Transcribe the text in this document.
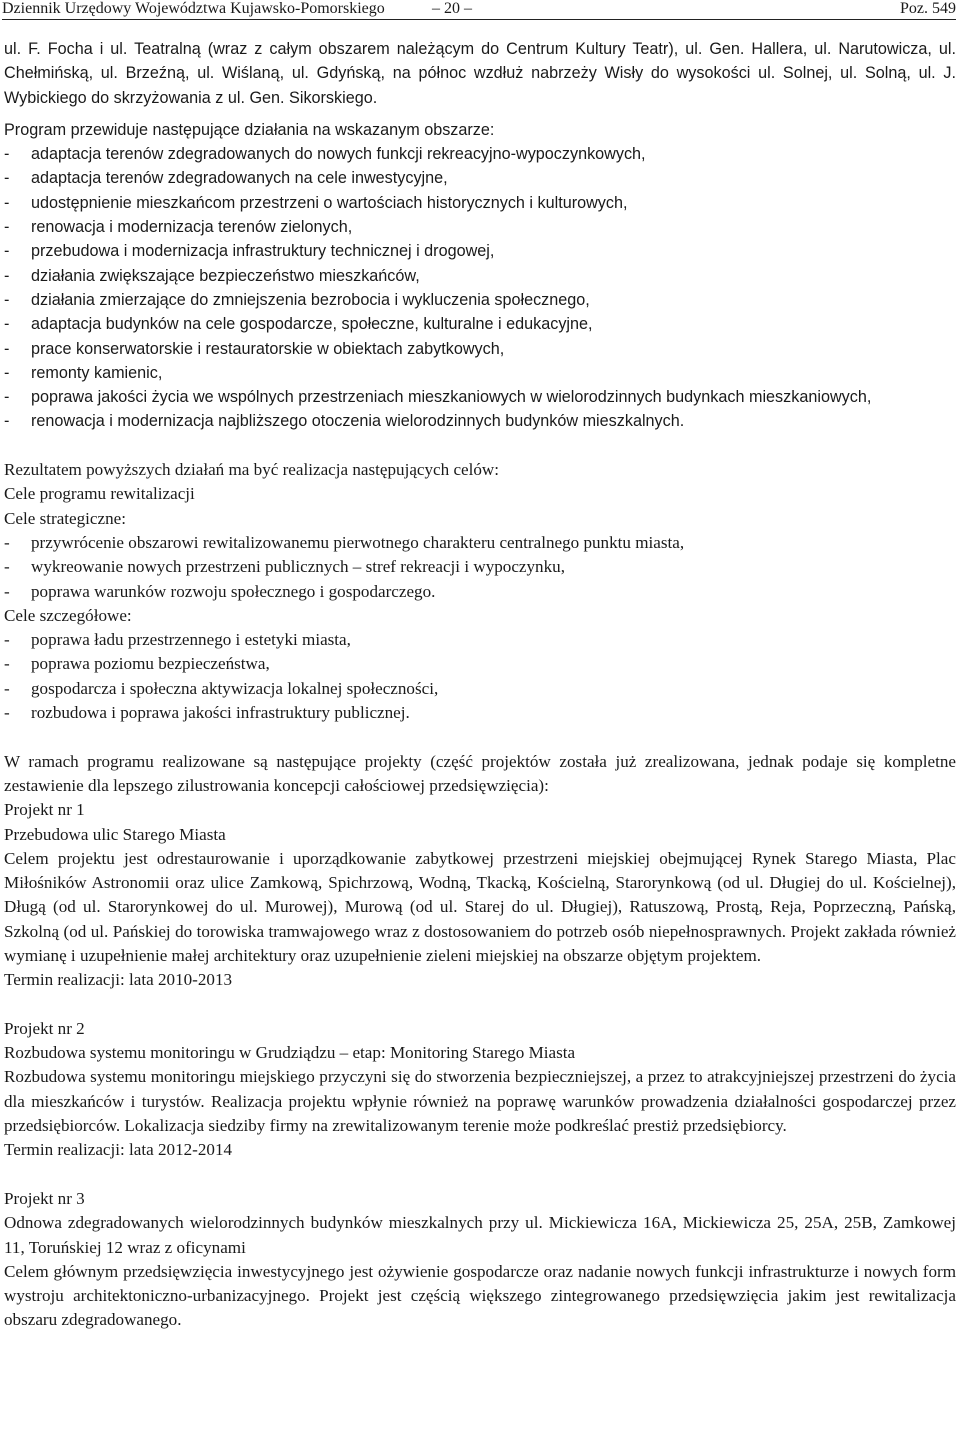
Dziennik Urzędowy Województwa Kujawsko-Pomorskiego	– 20 –	Poz. 549

ul. F. Focha i ul. Teatralną (wraz z całym obszarem należącym do Centrum Kultury Teatr), ul. Gen. Hallera, ul. Narutowicza, ul. Chełmińską, ul. Brzeźną, ul. Wiślaną, ul. Gdyńską, na północ wzdłuż nabrzeży Wisły do wysokości ul. Solnej, ul. Solną, ul. J. Wybickiego do skrzyżowania z ul. Gen. Sikorskiego.

Program przewiduje następujące działania na wskazanym obszarze:

- adaptacja terenów zdegradowanych do nowych funkcji rekreacyjno-wypoczynkowych,
- adaptacja terenów zdegradowanych na cele inwestycyjne,
- udostępnienie mieszkańcom przestrzeni o wartościach historycznych i kulturowych,
- renowacja i modernizacja terenów zielonych,
- przebudowa i modernizacja infrastruktury technicznej i drogowej,
- działania zwiększające bezpieczeństwo mieszkańców,
- działania zmierzające do zmniejszenia bezrobocia i wykluczenia społecznego,
- adaptacja budynków na cele gospodarcze, społeczne, kulturalne i edukacyjne,
- prace konserwatorskie i restauratorskie w obiektach zabytkowych,
- remonty kamienic,
- poprawa jakości życia we wspólnych przestrzeniach mieszkaniowych w wielorodzinnych budynkach mieszkaniowych,
- renowacja i modernizacja najbliższego otoczenia wielorodzinnych budynków mieszkalnych.

Rezultatem powyższych działań ma być realizacja następujących celów:

Cele programu rewitalizacji

Cele strategiczne:

- przywrócenie obszarowi rewitalizowanemu pierwotnego charakteru centralnego punktu miasta,
- wykreowanie nowych przestrzeni publicznych – stref rekreacji i wypoczynku,
- poprawa warunków rozwoju społecznego i gospodarczego.

Cele szczegółowe:

- poprawa ładu przestrzennego i estetyki miasta,
- poprawa poziomu bezpieczeństwa,
- gospodarcza i społeczna aktywizacja lokalnej społeczności,
- rozbudowa i poprawa jakości infrastruktury publicznej.

W ramach programu realizowane są następujące projekty (część projektów została już zrealizowana, jednak podaje się kompletne zestawienie dla lepszego zilustrowania koncepcji całościowej przedsięwzięcia):

Projekt nr 1

Przebudowa ulic Starego Miasta

Celem projektu jest odrestaurowanie i uporządkowanie zabytkowej przestrzeni miejskiej obejmującej Rynek Starego Miasta, Plac Miłośników Astronomii oraz ulice Zamkową, Spichrzową, Wodną, Tkacką, Kościelną, Starorynkową (od ul. Długiej do ul. Kościelnej), Długą (od ul. Starorynkowej do ul. Murowej), Murową (od ul. Starej do ul. Długiej), Ratuszową, Prostą, Reja, Poprzeczną, Pańską, Szkolną (od ul. Pańskiej do torowiska tramwajowego wraz z dostosowaniem do potrzeb osób niepełnosprawnych. Projekt zakłada również wymianę i uzupełnienie małej architektury oraz uzupełnienie zieleni miejskiej na obszarze objętym projektem.

Termin realizacji: lata 2010-2013

Projekt nr 2

Rozbudowa systemu monitoringu w Grudziądzu – etap: Monitoring Starego Miasta

Rozbudowa systemu monitoringu miejskiego przyczyni się do stworzenia bezpieczniejszej, a przez to atrakcyjniejszej przestrzeni do życia dla mieszkańców i turystów. Realizacja projektu wpłynie również na poprawę warunków prowadzenia działalności gospodarczej przez przedsiębiorców. Lokalizacja siedziby firmy na zrewitalizowanym terenie może podkreślać prestiż przedsiębiorcy.

Termin realizacji: lata 2012-2014

Projekt nr 3

Odnowa zdegradowanych wielorodzinnych budynków mieszkalnych przy ul. Mickiewicza 16A, Mickiewicza 25, 25A, 25B, Zamkowej 11, Toruńskiej 12 wraz z oficynami

Celem głównym przedsięwzięcia inwestycyjnego jest ożywienie gospodarcze oraz nadanie nowych funkcji infrastrukturze i nowych form wystroju architektoniczno-urbanizacyjnego. Projekt jest częścią większego zintegrowanego przedsięwzięcia jakim jest rewitalizacja obszaru zdegradowanego.
